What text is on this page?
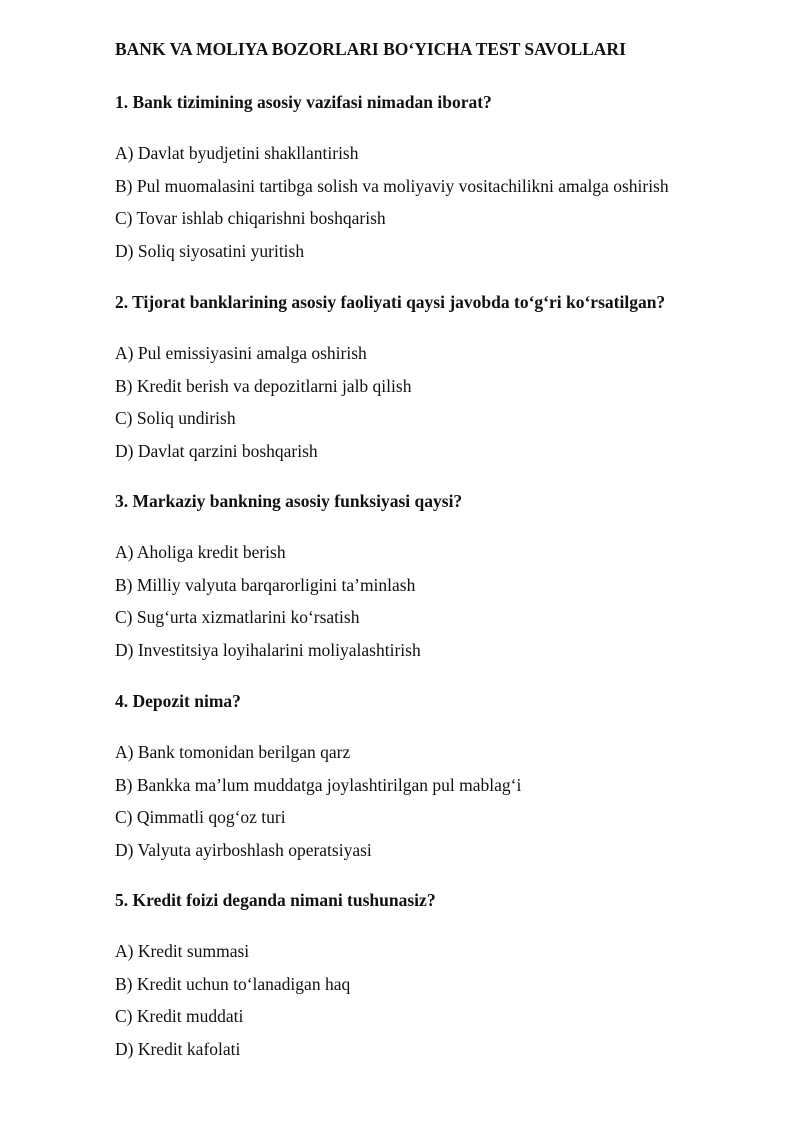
BANK VA MOLIYA BOZORLARI BO‘YICHA TEST SAVOLLARI

1. Bank tizimining asosiy vazifasi nimadan iborat?

A) Davlat byudjetini shakllantirish
B) Pul muomalasini tartibga solish va moliyaviy vositachilikni amalga oshirish
C) Tovar ishlab chiqarishni boshqarish
D) Soliq siyosatini yuritish

2. Tijorat banklarining asosiy faoliyati qaysi javobda to‘g‘ri ko‘rsatilgan?

A) Pul emissiyasini amalga oshirish
B) Kredit berish va depozitlarni jalb qilish
C) Soliq undirish
D) Davlat qarzini boshqarish

3. Markaziy bankning asosiy funksiyasi qaysi?

A) Aholiga kredit berish
B) Milliy valyuta barqarorligini ta’minlash
C) Sug‘urta xizmatlarini ko‘rsatish
D) Investitsiya loyihalarini moliyalashtirish

4. Depozit nima?

A) Bank tomonidan berilgan qarz
B) Bankka ma’lum muddatga joylashtirilgan pul mablag‘i
C) Qimmatli qog‘oz turi
D) Valyuta ayirboshlash operatsiyasi

5. Kredit foizi deganda nimani tushunasiz?

A) Kredit summasi
B) Kredit uchun to‘lanadigan haq
C) Kredit muddati
D) Kredit kafolati
